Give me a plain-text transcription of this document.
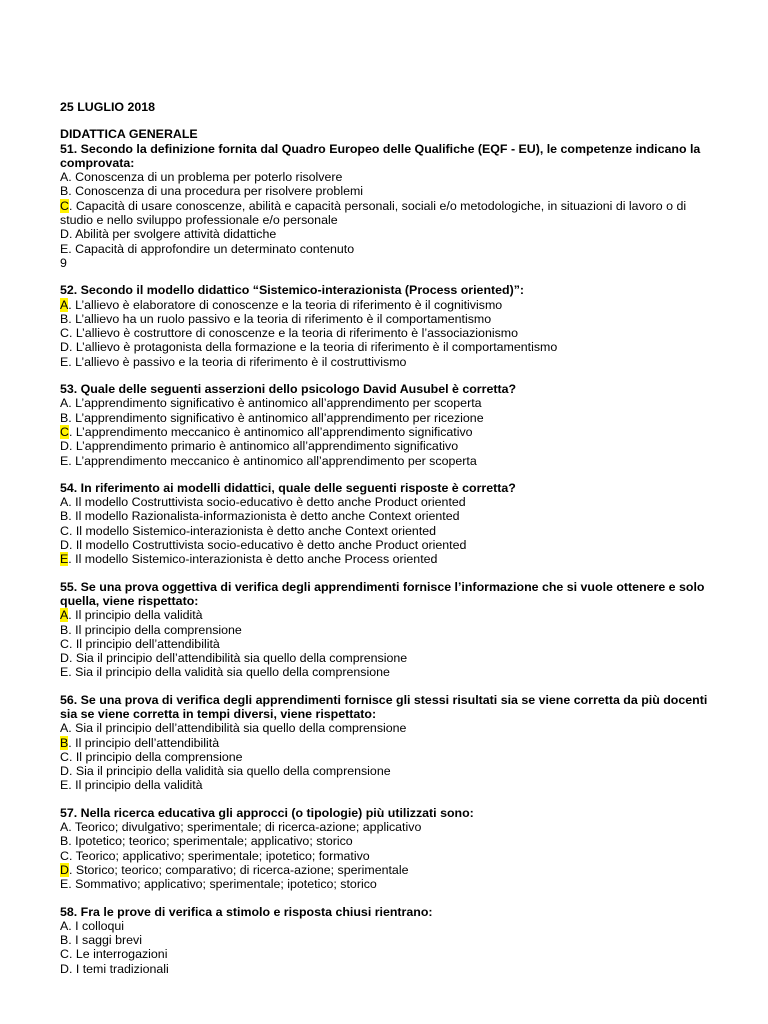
25 LUGLIO 2018
DIDATTICA GENERALE
51. Secondo la definizione fornita dal Quadro Europeo delle Qualifiche (EQF - EU), le competenze indicano la comprovata:
A. Conoscenza di un problema per poterlo risolvere
B. Conoscenza di una procedura per risolvere problemi
C. Capacità di usare conoscenze, abilità e capacità personali, sociali e/o metodologiche, in situazioni di lavoro o di studio e nello sviluppo professionale e/o personale
D. Abilità per svolgere attività didattiche
E. Capacità di approfondire un determinato contenuto
9
52. Secondo il modello didattico “Sistemico-interazionista (Process oriented)”:
A. L’allievo è elaboratore di conoscenze e la teoria di riferimento è il cognitivismo
B. L’allievo ha un ruolo passivo e la teoria di riferimento è il comportamentismo
C. L’allievo è costruttore di conoscenze e la teoria di riferimento è l’associazionismo
D. L’allievo è protagonista della formazione e la teoria di riferimento è il comportamentismo
E. L’allievo è passivo e la teoria di riferimento è il costruttivismo
53. Quale delle seguenti asserzioni dello psicologo David Ausubel è corretta?
A. L’apprendimento significativo è antinomico all’apprendimento per scoperta
B. L’apprendimento significativo è antinomico all’apprendimento per ricezione
C. L’apprendimento meccanico è antinomico all’apprendimento significativo
D. L’apprendimento primario è antinomico all’apprendimento significativo
E. L’apprendimento meccanico è antinomico all’apprendimento per scoperta
54. In riferimento ai modelli didattici, quale delle seguenti risposte è corretta?
A. Il modello Costruttivista socio-educativo è detto anche Product oriented
B. Il modello Razionalista-informazionista è detto anche Context oriented
C. Il modello Sistemico-interazionista è detto anche Context oriented
D. Il modello Costruttivista socio-educativo è detto anche Product oriented
E. Il modello Sistemico-interazionista è detto anche Process oriented
55. Se una prova oggettiva di verifica degli apprendimenti fornisce l’informazione che si vuole ottenere e solo quella, viene rispettato:
A. Il principio della validità
B. Il principio della comprensione
C. Il principio dell’attendibilità
D. Sia il principio dell’attendibilità sia quello della comprensione
E. Sia il principio della validità sia quello della comprensione
56. Se una prova di verifica degli apprendimenti fornisce gli stessi risultati sia se viene corretta da più docenti sia se viene corretta in tempi diversi, viene rispettato:
A. Sia il principio dell’attendibilità sia quello della comprensione
B. Il principio dell’attendibilità
C. Il principio della comprensione
D. Sia il principio della validità sia quello della comprensione
E. Il principio della validità
57. Nella ricerca educativa gli approcci (o tipologie) più utilizzati sono:
A. Teorico; divulgativo; sperimentale; di ricerca-azione; applicativo
B. Ipotetico; teorico; sperimentale; applicativo; storico
C. Teorico; applicativo; sperimentale; ipotetico; formativo
D. Storico; teorico; comparativo; di ricerca-azione; sperimentale
E. Sommativo; applicativo; sperimentale; ipotetico; storico
58. Fra le prove di verifica a stimolo e risposta chiusi rientrano:
A. I colloqui
B. I saggi brevi
C. Le interrogazioni
D. I temi tradizionali
